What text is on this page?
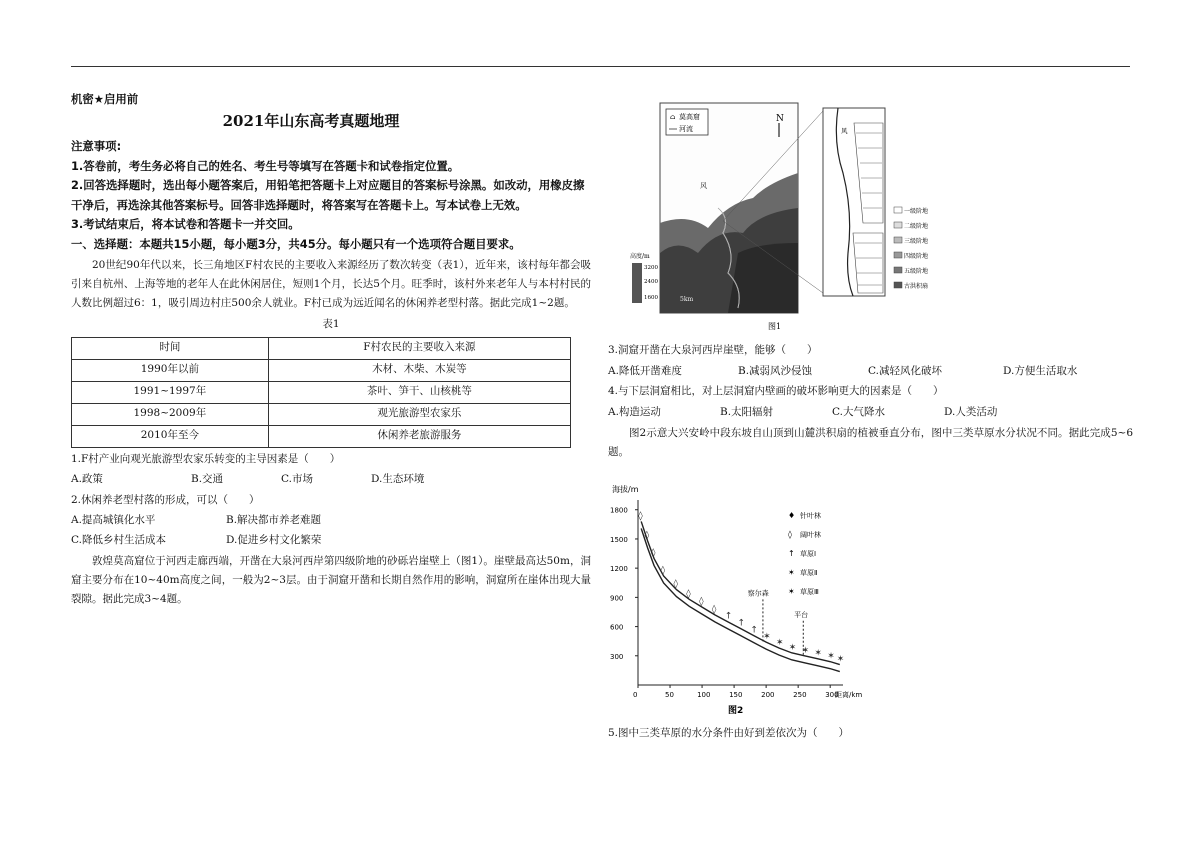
机密★启用前
2021年山东高考真题地理
注意事项:
1.答卷前，考生务必将自己的姓名、考生号等填写在答题卡和试卷指定位置。
2.回答选择题时，选出每小题答案后，用铅笔把答题卡上对应题目的答案标号涂黑。如改动，用橡皮擦干净后，再选涂其他答案标号。回答非选择题时，将答案写在答题卡上。写本试卷上无效。
3.考试结束后，将本试卷和答题卡一并交回。
一、选择题：本题共15小题，每小题3分，共45分。每小题只有一个选项符合题目要求。
20世纪90年代以来，长三角地区F村农民的主要收入来源经历了数次转变（表1），近年来，该村每年都会吸引来自杭州、上海等地的老年人在此休闲居住，短则1个月，长达5个月。旺季时，该村外来老年人与本村村民的人数比例超过6：1，吸引周边村庄500余人就业。F村已成为远近闻名的休闲养老型村落。据此完成1~2题。
表1
时间	F村农民的主要收入来源
1990年以前	木材、木柴、木炭等
1991~1997年	茶叶、笋干、山核桃等
1998~2009年	观光旅游型农家乐
2010年至今	休闲养老旅游服务
1.F村产业向观光旅游型农家乐转变的主导因素是（　　）
A.政策	B.交通	C.市场	D.生态环境
2.休闲养老型村落的形成，可以（　　）
A.提高城镇化水平	B.解决都市养老难题
C.降低乡村生活成本	D.促进乡村文化繁荣
敦煌莫高窟位于河西走廊西端，开凿在大泉河西岸第四级阶地的砂砾岩崖壁上（图1）。崖壁最高达50m，洞窟主要分布在10~40m高度之间，一般为2~3层。由于洞窟开凿和长期自然作用的影响，洞窟所在崖体出现大量裂隙。据此完成3~4题。
⌂ 莫高窟
河流
N
风
高度/m
3200
2400
1600	5km
风
一级阶地
二级阶地
三级阶地
四级阶地
五级阶地
古洪积扇
图1
3.洞窟开凿在大泉河西岸崖壁，能够（　　）
A.降低开凿难度	B.减弱风沙侵蚀	C.减轻风化破坏	D.方便生活取水
4.与下层洞窟相比，对上层洞窟内壁画的破坏影响更大的因素是（　　）
A.构造运动	B.太阳辐射	C.大气降水	D.人类活动
图2示意大兴安岭中段东坡自山顶到山麓洪积扇的植被垂直分布，图中三类草原水分状况不同。据此完成5~6题。
海拔/m
距离/km
300
600
900
1200
1500
1800
0	50	100	150	200	250	300
◊
◊
◊
◊
◊
◊
◊
◊
↑
↑
↑
✶
✶ ✶ ✶ ✶ ✶ ✶
察尔森
平台
♦ 针叶林
◊ 阔叶林
↑ 草原Ⅰ
✶ 草原Ⅱ
✶ 草原Ⅲ
图2
5.图中三类草原的水分条件由好到差依次为（　　）
